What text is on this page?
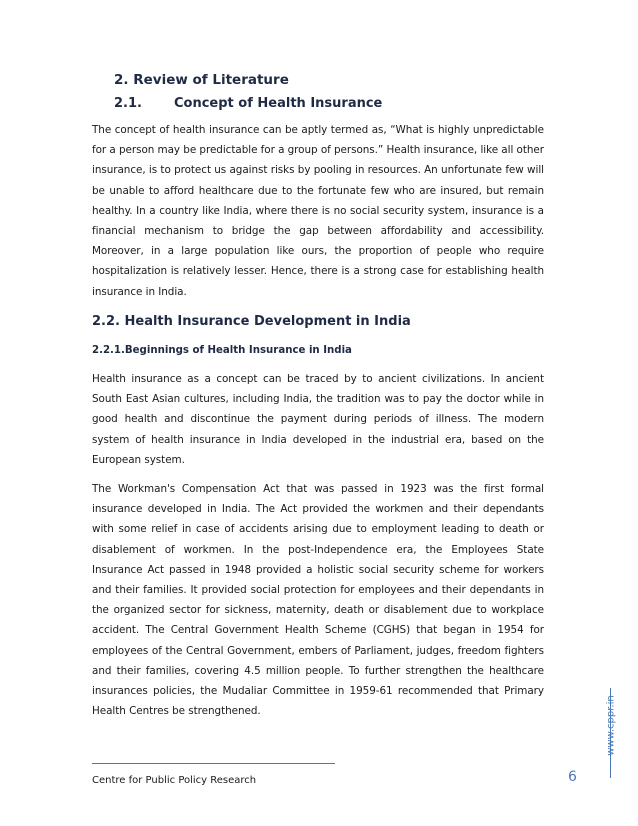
2. Review of Literature

2.1. Concept of Health Insurance

The concept of health insurance can be aptly termed as, “What is highly unpredictable for a person may be predictable for a group of persons.” Health insurance, like all other insurance, is to protect us against risks by pooling in resources. An unfortunate few will be unable to afford healthcare due to the fortunate few who are insured, but remain healthy. In a country like India, where there is no social security system, insurance is a financial mechanism to bridge the gap between affordability and accessibility. Moreover, in a large population like ours, the proportion of people who require hospitalization is relatively lesser. Hence, there is a strong case for establishing health insurance in India.

2.2. Health Insurance Development in India

2.2.1.Beginnings of Health Insurance in India

Health insurance as a concept can be traced by to ancient civilizations. In ancient South East Asian cultures, including India, the tradition was to pay the doctor while in good health and discontinue the payment during periods of illness. The modern system of health insurance in India developed in the industrial era, based on the European system.

The Workman's Compensation Act that was passed in 1923 was the first formal insurance developed in India. The Act provided the workmen and their dependants with some relief in case of accidents arising due to employment leading to death or disablement of workmen. In the post-Independence era, the Employees State Insurance Act passed in 1948 provided a holistic social security scheme for workers and their families. It provided social protection for employees and their dependants in the organized sector for sickness, maternity, death or disablement due to workplace accident. The Central Government Health Scheme (CGHS) that began in 1954 for employees of the Central Government, embers of Parliament, judges, freedom fighters and their families, covering 4.5 million people. To further strengthen the healthcare insurances policies, the Mudaliar Committee in 1959-61 recommended that Primary Health Centres be strengthened.	www.cppr.in
6
Centre for Public Policy Research
